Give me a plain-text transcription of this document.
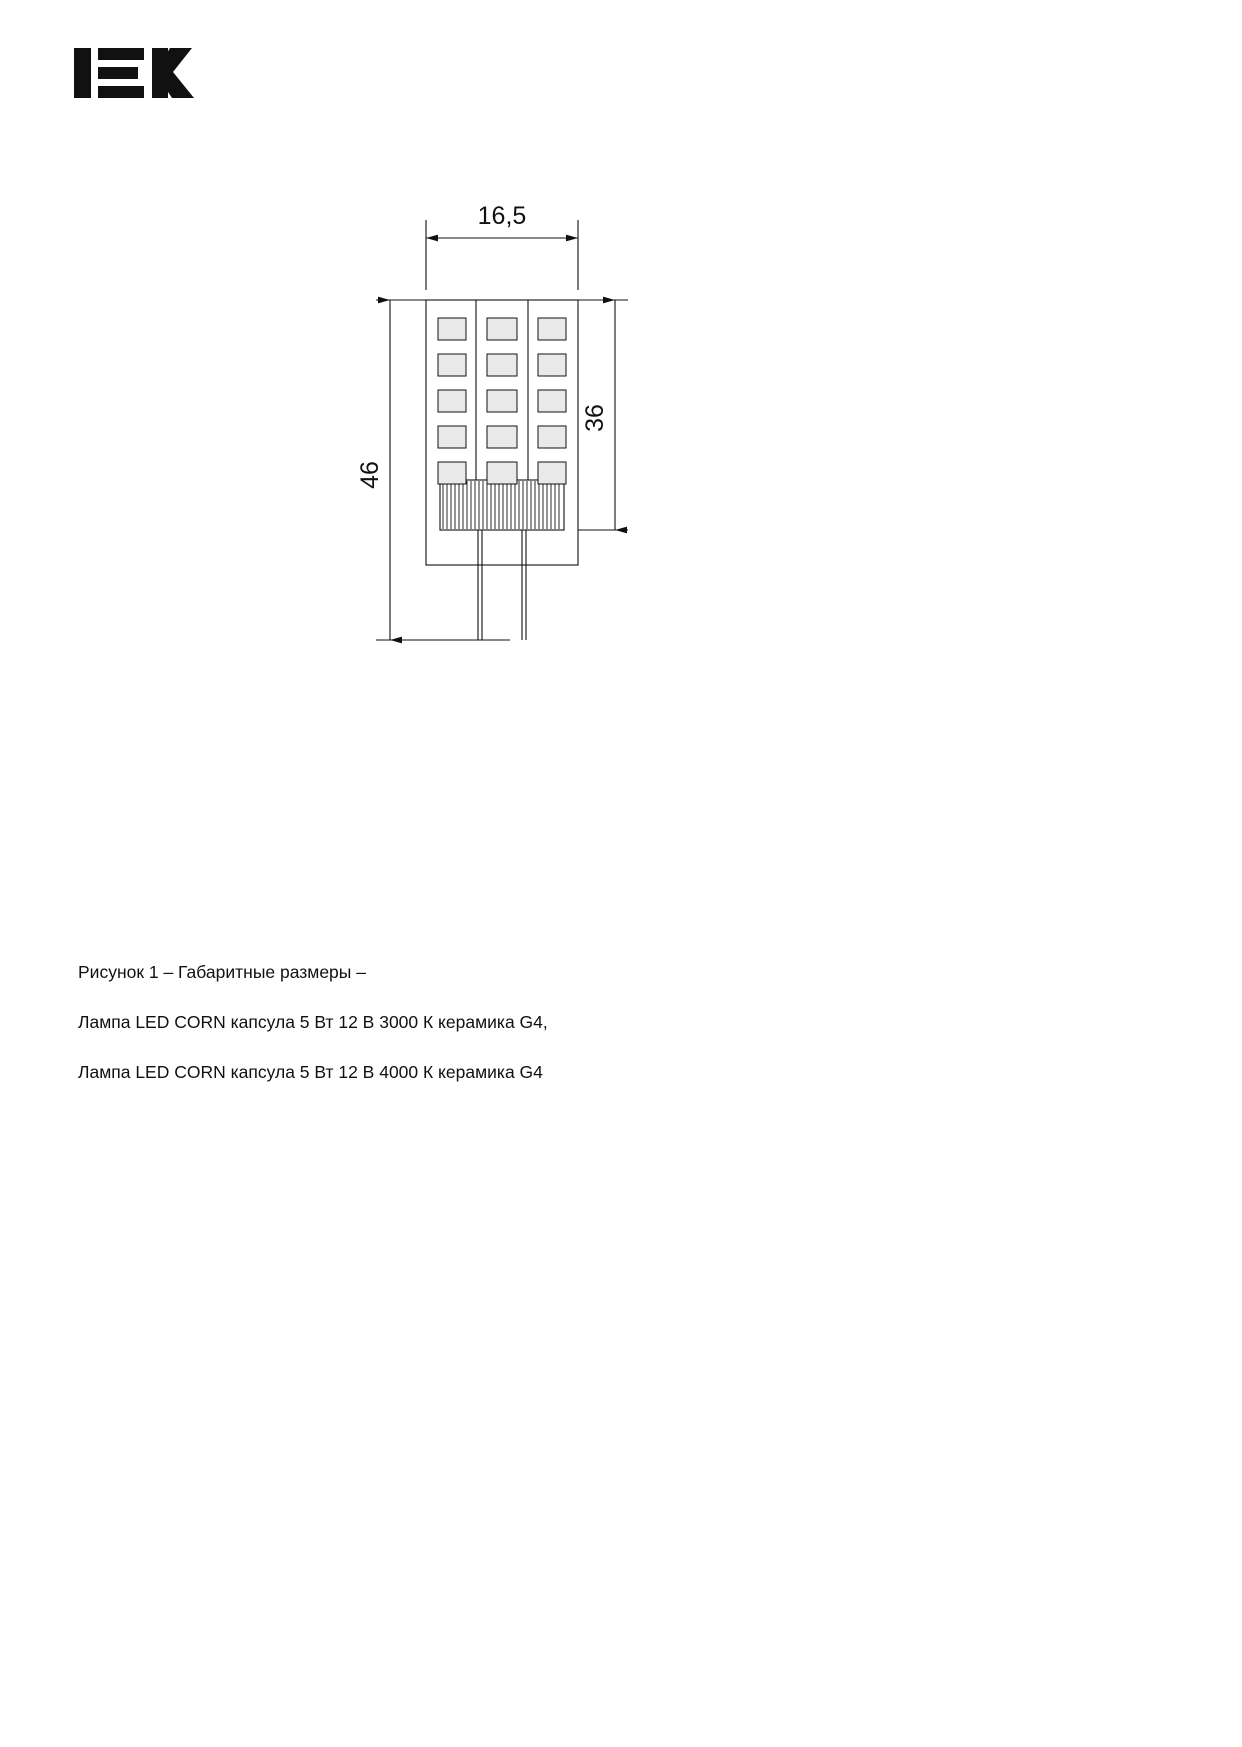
16,5
46
36

Рисунок 1 – Габаритные размеры –

Лампа LED CORN капсула 5 Вт 12 В 3000 К керамика G4,

Лампа LED CORN капсула 5 Вт 12 В 4000 К керамика G4
